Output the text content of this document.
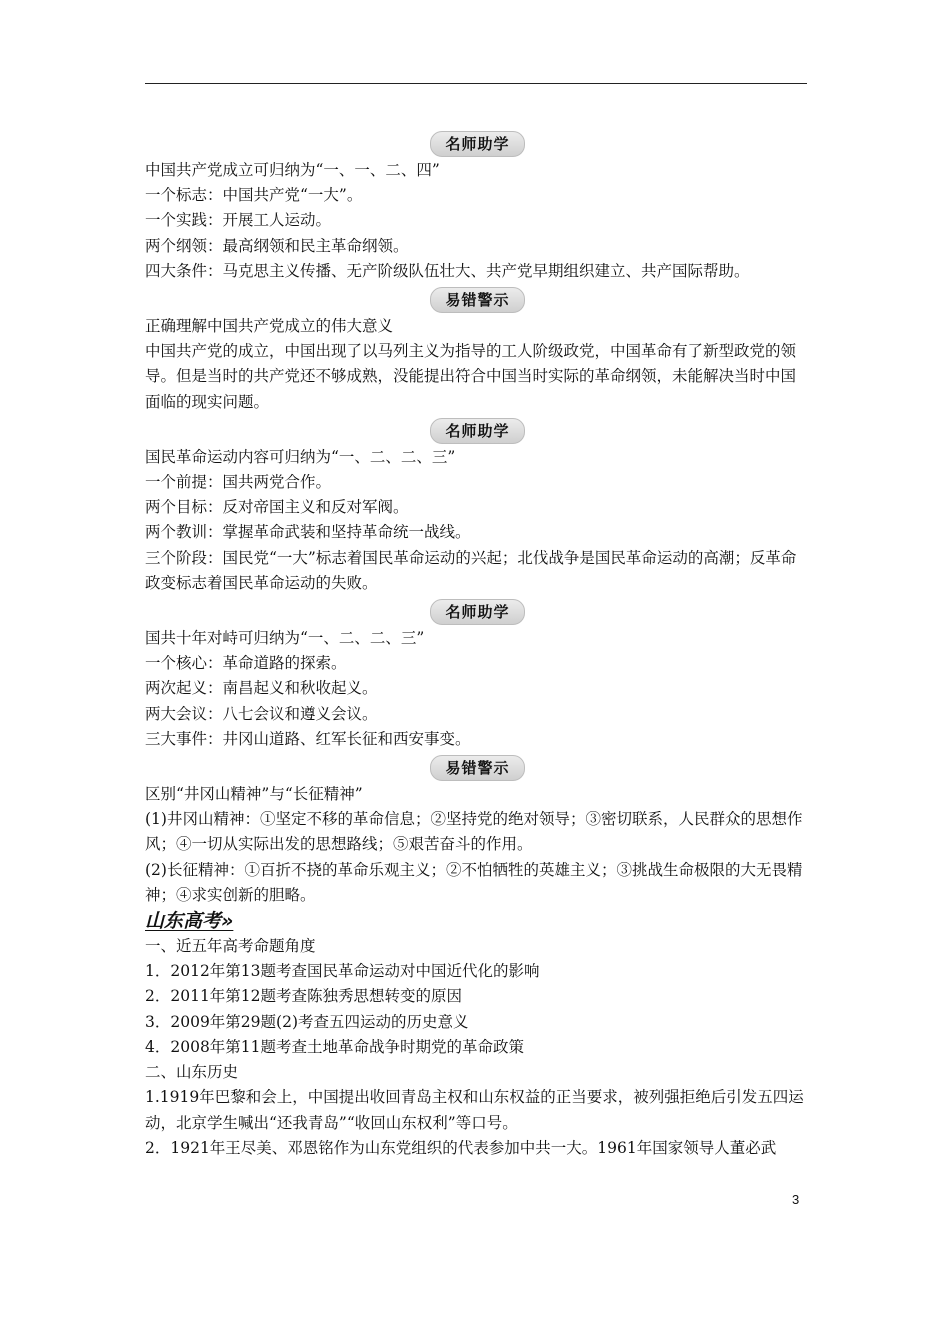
名师助学
中国共产党成立可归纳为“一、一、二、四”
一个标志：中国共产党“一大”。
一个实践：开展工人运动。
两个纲领：最高纲领和民主革命纲领。
四大条件：马克思主义传播、无产阶级队伍壮大、共产党早期组织建立、共产国际帮助。
易错警示
正确理解中国共产党成立的伟大意义
中国共产党的成立，中国出现了以马列主义为指导的工人阶级政党，中国革命有了新型政党的领导。但是当时的共产党还不够成熟，没能提出符合中国当时实际的革命纲领，未能解决当时中国面临的现实问题。
名师助学
国民革命运动内容可归纳为“一、二、二、三”
一个前提：国共两党合作。
两个目标：反对帝国主义和反对军阀。
两个教训：掌握革命武装和坚持革命统一战线。
三个阶段：国民党“一大”标志着国民革命运动的兴起；北伐战争是国民革命运动的高潮；反革命政变标志着国民革命运动的失败。
名师助学
国共十年对峙可归纳为“一、二、二、三”
一个核心：革命道路的探索。
两次起义：南昌起义和秋收起义。
两大会议：八七会议和遵义会议。
三大事件：井冈山道路、红军长征和西安事变。
易错警示
区别“井冈山精神”与“长征精神”
(1)井冈山精神：①坚定不移的革命信息；②坚持党的绝对领导；③密切联系，人民群众的思想作风；④一切从实际出发的思想路线；⑤艰苦奋斗的作用。
(2)长征精神：①百折不挠的革命乐观主义；②不怕牺牲的英雄主义；③挑战生命极限的大无畏精神；④求实创新的胆略。
山东高考»
一、近五年高考命题角度
1．2012年第13题考查国民革命运动对中国近代化的影响
2．2011年第12题考查陈独秀思想转变的原因
3．2009年第29题(2)考查五四运动的历史意义
4．2008年第11题考查土地革命战争时期党的革命政策
二、山东历史
1.1919年巴黎和会上，中国提出收回青岛主权和山东权益的正当要求，被列强拒绝后引发五四运动，北京学生喊出“还我青岛”“收回山东权利”等口号。
2．1921年王尽美、邓恩铭作为山东党组织的代表参加中共一大。1961年国家领导人董必武
3
